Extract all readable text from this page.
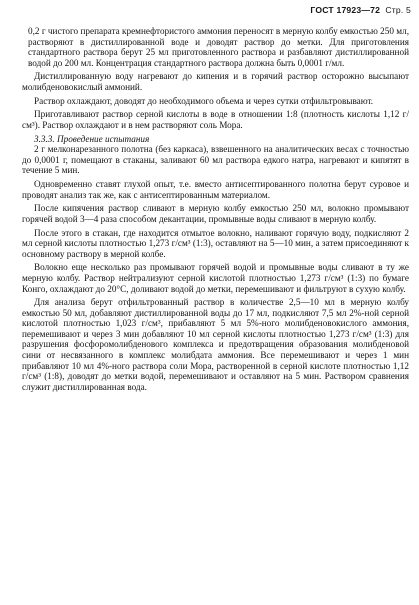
ГОСТ 17923—72 Стр. 5

0,2 г чистого препарата кремнефтористого аммония переносят в мерную колбу емкостью 250 мл, растворяют в дистиллированной воде и доводят раствор до метки. Для приготовления стандартного раствора берут 25 мл приготовленного раствора и разбавляют дистиллированной водой до 200 мл. Концентрация стандартного раствора должна быть 0,0001 г/мл.

Дистиллированную воду нагревают до кипения и в горячий раствор осторожно высыпают молибденовокислый аммоний.

Раствор охлаждают, доводят до необходимого объема и через сутки отфильтровывают.

Приготавливают раствор серной кислоты в воде в отношении 1:8 (плотность кислоты 1,12 г/см³). Раствор охлаждают и в нем растворяют соль Мора.

3.3.3. Проведение испытания

2 г мелконарезанного полотна (без каркаса), взвешенного на аналитических весах с точностью до 0,0001 г, помещают в стаканы, заливают 60 мл раствора едкого натра, нагревают и кипятят в течение 5 мин.

Одновременно ставят глухой опыт, т.е. вместо антисептированного полотна берут суровое и проводят анализ так же, как с антисептированным материалом.

После кипячения раствор сливают в мерную колбу емкостью 250 мл, волокно промывают горячей водой 3—4 раза способом декантации, промывные воды сливают в мерную колбу.

После этого в стакан, где находится отмытое волокно, наливают горячую воду, подкисляют 2 мл серной кислоты плотностью 1,273 г/см³ (1:3), оставляют на 5—10 мин, а затем присоединяют к основному раствору в мерной колбе.

Волокно еще несколько раз промывают горячей водой и промывные воды сливают в ту же мерную колбу. Раствор нейтрализуют серной кислотой плотностью 1,273 г/см³ (1:3) по бумаге Конго, охлаждают до 20°С, доливают водой до метки, перемешивают и фильтруют в сухую колбу.

Для анализа берут отфильтрованный раствор в количестве 2,5—10 мл в мерную колбу емкостью 50 мл, добавляют дистиллированной воды до 17 мл, подкисляют 7,5 мл 2%-ной серной кислотой плотностью 1,023 г/см³, прибавляют 5 мл 5%-ного молибденовокислого аммония, перемешивают и через 3 мин добавляют 10 мл серной кислоты плотностью 1,273 г/см³ (1:3) для разрушения фосфоромолибденового комплекса и предотвращения образования молибденовой сини от несвязанного в комплекс молибдата аммония. Все перемешивают и через 1 мин прибавляют 10 мл 4%-ного раствора соли Мора, растворенной в серной кислоте плотностью 1,12 г/см³ (1:8), доводят до метки водой, перемешивают и оставляют на 5 мин. Раствором сравнения служит дистиллированная вода.
